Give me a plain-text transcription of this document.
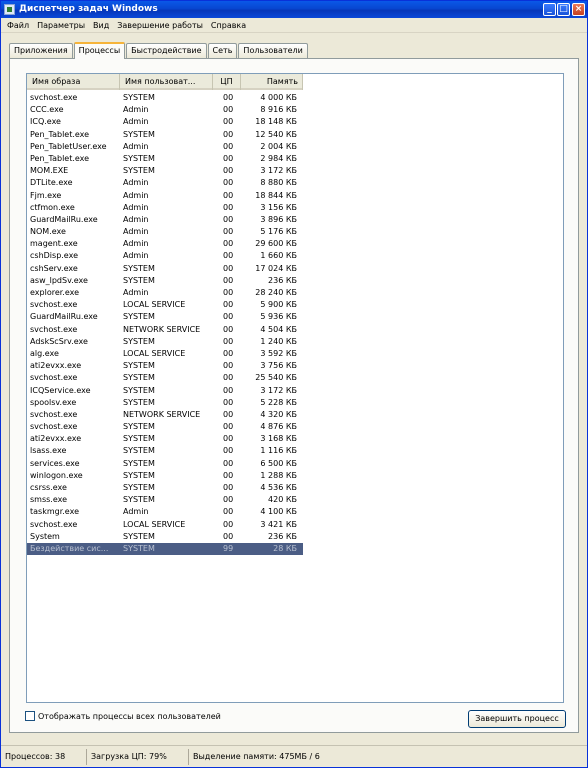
Диспетчер задач Windows	_ □ ×
Файл Параметры Вид Завершение работы Справка
Приложения	Процессы	Быстродействие	Сеть	Пользователи
Имя образа	Имя пользоват...	ЦП	Память
svchost.exe	SYSTEM	00	4 000 КБ
CCC.exe	Admin	00	8 916 КБ
ICQ.exe	Admin	00	18 148 КБ
Pen_Tablet.exe	SYSTEM	00	12 540 КБ
Pen_TabletUser.exe	Admin	00	2 004 КБ
Pen_Tablet.exe	SYSTEM	00	2 984 КБ
MOM.EXE	SYSTEM	00	3 172 КБ
DTLite.exe	Admin	00	8 880 КБ
Fjm.exe	Admin	00	18 844 КБ
ctfmon.exe	Admin	00	3 156 КБ
GuardMailRu.exe	Admin	00	3 896 КБ
NOM.exe	Admin	00	5 176 КБ
magent.exe	Admin	00	29 600 КБ
cshDisp.exe	Admin	00	1 660 КБ
cshServ.exe	SYSTEM	00	17 024 КБ
asw_lpdSv.exe	SYSTEM	00	236 КБ
explorer.exe	Admin	00	28 240 КБ
svchost.exe	LOCAL SERVICE	00	5 900 КБ
GuardMailRu.exe	SYSTEM	00	5 936 КБ
svchost.exe	NETWORK SERVICE	00	4 504 КБ
AdskScSrv.exe	SYSTEM	00	1 240 КБ
alg.exe	LOCAL SERVICE	00	3 592 КБ
ati2evxx.exe	SYSTEM	00	3 756 КБ
svchost.exe	SYSTEM	00	25 540 КБ
ICQService.exe	SYSTEM	00	3 172 КБ
spoolsv.exe	SYSTEM	00	5 228 КБ
svchost.exe	NETWORK SERVICE	00	4 320 КБ
svchost.exe	SYSTEM	00	4 876 КБ
ati2evxx.exe	SYSTEM	00	3 168 КБ
lsass.exe	SYSTEM	00	1 116 КБ
services.exe	SYSTEM	00	6 500 КБ
winlogon.exe	SYSTEM	00	1 288 КБ
csrss.exe	SYSTEM	00	4 536 КБ
smss.exe	SYSTEM	00	420 КБ
taskmgr.exe	Admin	00	4 100 КБ
svchost.exe	LOCAL SERVICE	00	3 421 КБ
System	SYSTEM	00	236 КБ
Бездействие сис...	SYSTEM	99	28 КБ
Отображать процессы всех пользователей	Завершить процесс
Процессов: 38	Загрузка ЦП: 79%	Выделение памяти: 475МБ / 6
